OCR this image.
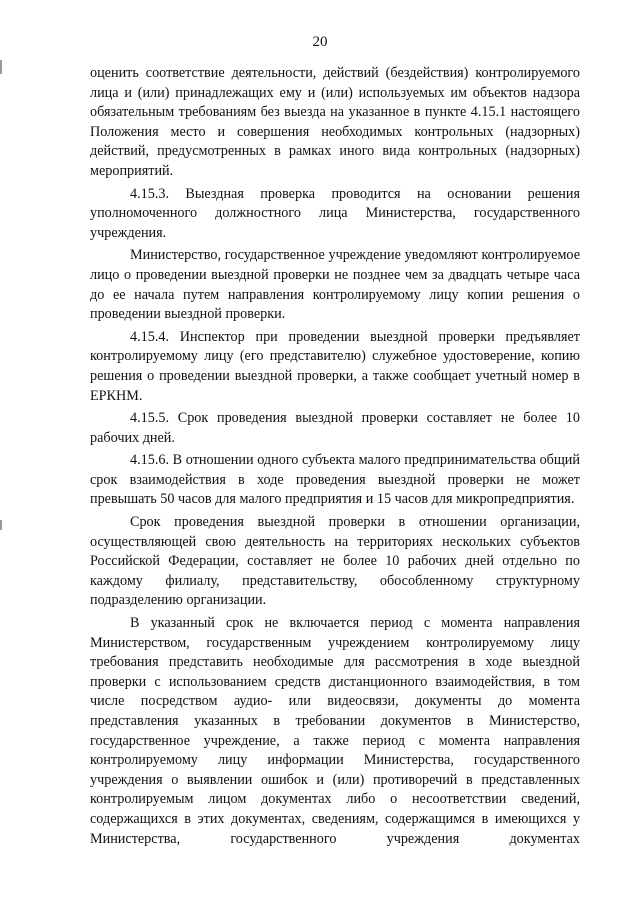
20

оценить соответствие деятельности, действий (бездействия) контролируемого лица и (или) принадлежащих ему и (или) используемых им объектов надзора обязательным требованиям без выезда на указанное в пункте 4.15.1 настоящего Положения место и совершения необходимых контрольных (надзорных) действий, предусмотренных в рамках иного вида контрольных (надзорных) мероприятий.

4.15.3. Выездная проверка проводится на основании решения уполномоченного должностного лица Министерства, государственного учреждения.

Министерство, государственное учреждение уведомляют контролируемое лицо о проведении выездной проверки не позднее чем за двадцать четыре часа до ее начала путем направления контролируемому лицу копии решения о проведении выездной проверки.

4.15.4. Инспектор при проведении выездной проверки предъявляет контролируемому лицу (его представителю) служебное удостоверение, копию решения о проведении выездной проверки, а также сообщает учетный номер в ЕРКНМ.

4.15.5. Срок проведения выездной проверки составляет не более 10 рабочих дней.

4.15.6. В отношении одного субъекта малого предпринимательства общий срок взаимодействия в ходе проведения выездной проверки не может превышать 50 часов для малого предприятия и 15 часов для микропредприятия.

Срок проведения выездной проверки в отношении организации, осуществляющей свою деятельность на территориях нескольких субъектов Российской Федерации, составляет не более 10 рабочих дней отдельно по каждому филиалу, представительству, обособленному структурному подразделению организации.

В указанный срок не включается период с момента направления Министерством, государственным учреждением контролируемому лицу требования представить необходимые для рассмотрения в ходе выездной проверки с использованием средств дистанционного взаимодействия, в том числе посредством аудио- или видеосвязи, документы до момента представления указанных в требовании документов в Министерство, государственное учреждение, а также период с момента направления контролируемому лицу информации Министерства, государственного учреждения о выявлении ошибок и (или) противоречий в представленных контролируемым лицом документах либо о несоответствии сведений, содержащихся в этих документах, сведениям, содержащимся в имеющихся у Министерства, государственного учреждения документах
